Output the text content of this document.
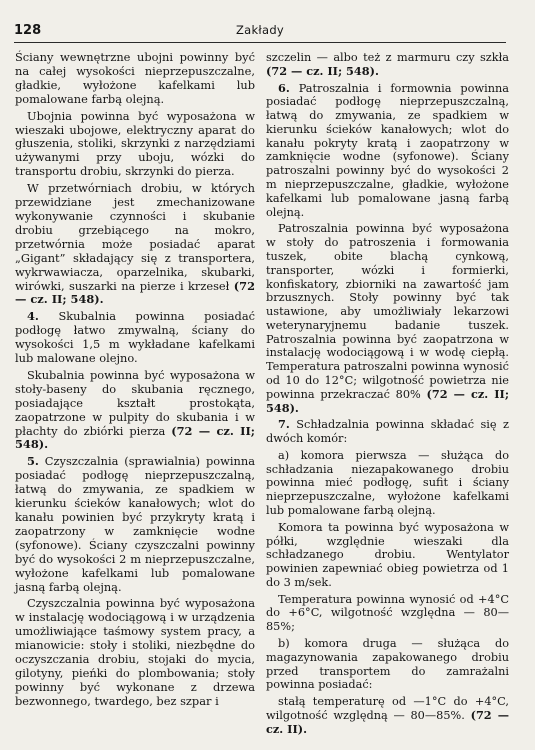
128	Zakłady

Ściany wewnętrzne ubojni powinny być na całej wysokości nieprzepuszczalne, gładkie, wyłożone kafelkami lub pomalowane farbą olejną.

Ubojnia powinna być wyposażona w wieszaki ubojowe, elektryczny aparat do głuszenia, stoliki, skrzynki z narzędziami używanymi przy uboju, wózki do transportu drobiu, skrzynki do pierza.

W przetwórniach drobiu, w których przewidziane jest zmechanizowane wykonywanie czynności i skubanie drobiu grzebiącego na mokro, przetwórnia może posiadać aparat „Gigant” składający się z transportera, wykrwawiacza, oparzelnika, skubarki, wirówki, suszarki na pierze i krzeseł (72 — cz. II; 548).

4. Skubalnia powinna posiadać podłogę łatwo zmywalną, ściany do wysokości 1,5 m wykładane kafelkami lub malowane olejno.

Skubalnia powinna być wyposażona w stoły-baseny do skubania ręcznego, posiadające kształt prostokąta, zaopatrzone w pulpity do skubania i w płachty do zbiórki pierza (72 — cz. II; 548).

5. Czyszczalnia (sprawialnia) powinna posiadać podłogę nieprzepuszczalną, łatwą do zmywania, ze spadkiem w kierunku ścieków kanałowych; wlot do kanału powinien być przykryty kratą i zaopatrzony w zamknięcie wodne (syfonowe). Ściany czyszczalni powinny być do wysokości 2 m nieprzepuszczalne, wyłożone kafelkami lub pomalowane jasną farbą olejną.

Czyszczalnia powinna być wyposażona w instalację wodociągową i w urządzenia umożliwiające taśmowy system pracy, a mianowicie: stoły i stoliki, niezbędne do oczyszczania drobiu, stojaki do mycia, gilotyny, pieńki do plombowania; stoły powinny być wykonane z drzewa bezwonnego, twardego, bez szpar i

szczelin — albo też z marmuru czy szkła (72 — cz. II; 548).

6. Patroszalnia i formownia powinna posiadać podłogę nieprzepuszczalną, łatwą do zmywania, ze spadkiem w kierunku ścieków kanałowych; wlot do kanału pokryty kratą i zaopatrzony w zamknięcie wodne (syfonowe). Ściany patroszalni powinny być do wysokości 2 m nieprzepuszczalne, gładkie, wyłożone kafelkami lub pomalowane jasną farbą olejną.

Patroszalnia powinna być wyposażona w stoły do patroszenia i formowania tuszek, obite blachą cynkową, transporter, wózki i formierki, konfiskatory, zbiorniki na zawartość jam brzusznych. Stoły powinny być tak ustawione, aby umożliwiały lekarzowi weterynaryjnemu badanie tuszek. Patroszalnia powinna być zaopatrzona w instalację wodociągową i w wodę ciepłą. Temperatura patroszalni powinna wynosić od 10 do 12°C; wilgotność powietrza nie powinna przekraczać 80% (72 — cz. II; 548).

7. Schładzalnia powinna składać się z dwóch komór:

a) komora pierwsza — służąca do schładzania niezapakowanego drobiu powinna mieć podłogę, sufit i ściany nieprzepuszczalne, wyłożone kafelkami lub pomalowane farbą olejną.

Komora ta powinna być wyposażona w półki, względnie wieszaki dla schładzanego drobiu. Wentylator powinien zapewniać obieg powietrza od 1 do 3 m/sek.

Temperatura powinna wynosić od +4°C do +6°C, wilgotność względna — 80—85%;

b) komora druga — służąca do magazynowania zapakowanego drobiu przed transportem do zamrażalni powinna posiadać:

stałą temperaturę od —1°C do +4°C, wilgotność względną — 80—85%. (72 — cz. II).
